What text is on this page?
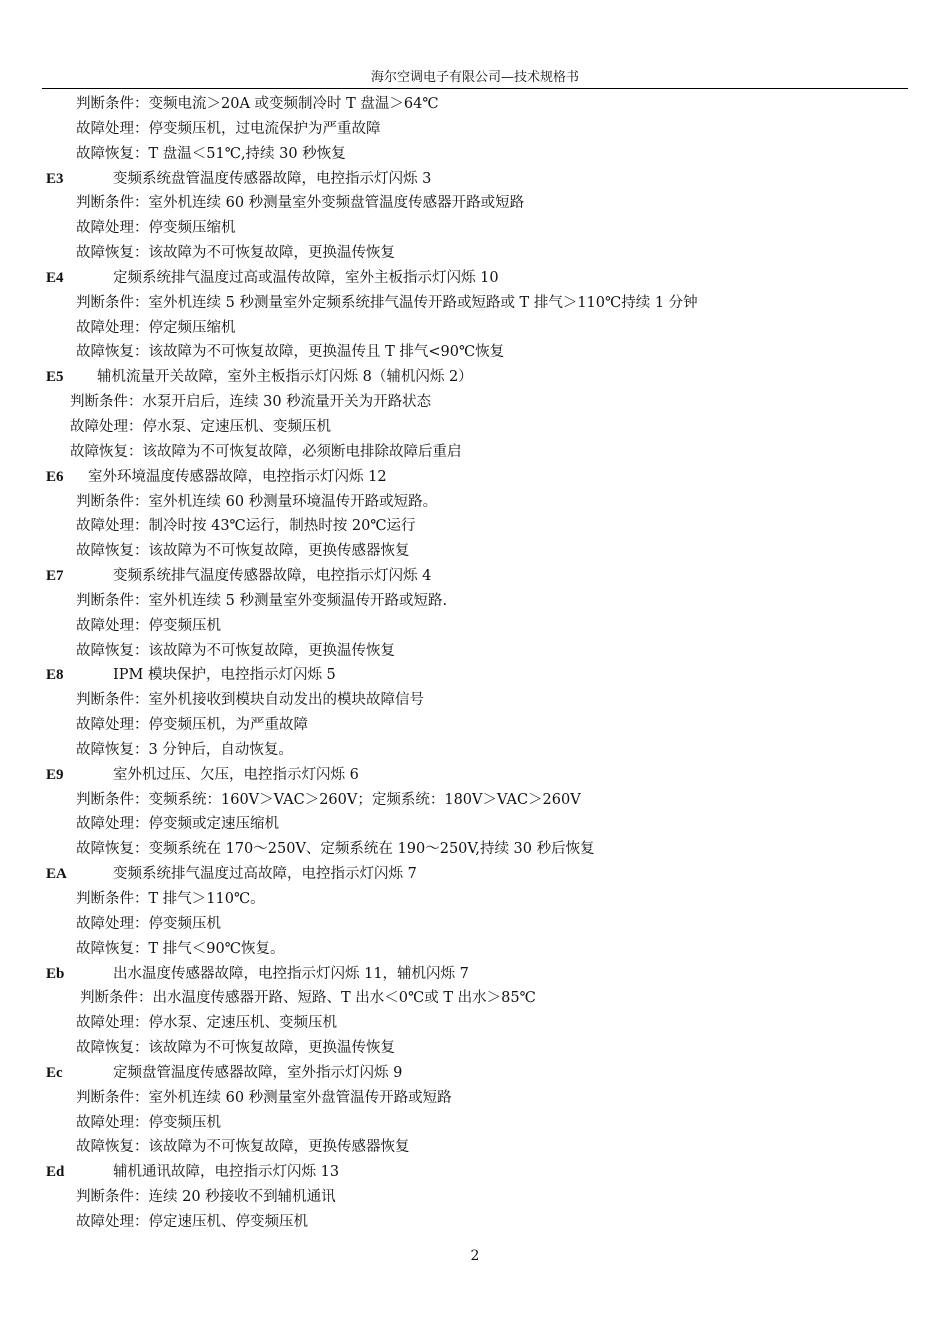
海尔空调电子有限公司—技术规格书
判断条件：变频电流＞20A 或变频制冷时 T 盘温＞64℃
故障处理：停变频压机，过电流保护为严重故障
故障恢复：T 盘温＜51℃,持续 30 秒恢复
E3	变频系统盘管温度传感器故障，电控指示灯闪烁 3
判断条件：室外机连续 60 秒测量室外变频盘管温度传感器开路或短路
故障处理：停变频压缩机
故障恢复：该故障为不可恢复故障，更换温传恢复
E4	定频系统排气温度过高或温传故障，室外主板指示灯闪烁 10
判断条件：室外机连续 5 秒测量室外定频系统排气温传开路或短路或 T 排气＞110℃持续 1 分钟
故障处理：停定频压缩机
故障恢复：该故障为不可恢复故障，更换温传且 T 排气<90℃恢复
E5 辅机流量开关故障，室外主板指示灯闪烁 8（辅机闪烁 2）
判断条件：水泵开启后，连续 30 秒流量开关为开路状态
故障处理：停水泵、定速压机、变频压机
故障恢复：该故障为不可恢复故障，必须断电排除故障后重启
E6 室外环境温度传感器故障，电控指示灯闪烁 12
判断条件：室外机连续 60 秒测量环境温传开路或短路。
故障处理：制冷时按 43℃运行，制热时按 20℃运行
故障恢复：该故障为不可恢复故障，更换传感器恢复
E7	变频系统排气温度传感器故障，电控指示灯闪烁 4
判断条件：室外机连续 5 秒测量室外变频温传开路或短路.
故障处理：停变频压机
故障恢复：该故障为不可恢复故障，更换温传恢复
E8	IPM 模块保护，电控指示灯闪烁 5
判断条件：室外机接收到模块自动发出的模块故障信号
故障处理：停变频压机，为严重故障
故障恢复：3 分钟后，自动恢复。
E9	室外机过压、欠压，电控指示灯闪烁 6
判断条件：变频系统：160V＞VAC＞260V；定频系统：180V＞VAC＞260V
故障处理：停变频或定速压缩机
故障恢复：变频系统在 170～250V、定频系统在 190～250V,持续 30 秒后恢复
EA	变频系统排气温度过高故障，电控指示灯闪烁 7
判断条件：T 排气＞110℃。
故障处理：停变频压机
故障恢复：T 排气＜90℃恢复。
Eb	出水温度传感器故障，电控指示灯闪烁 11，辅机闪烁 7
判断条件：出水温度传感器开路、短路、T 出水＜0℃或 T 出水＞85℃
故障处理：停水泵、定速压机、变频压机
故障恢复：该故障为不可恢复故障，更换温传恢复
Ec	定频盘管温度传感器故障，室外指示灯闪烁 9
判断条件：室外机连续 60 秒测量室外盘管温传开路或短路
故障处理：停变频压机
故障恢复：该故障为不可恢复故障，更换传感器恢复
Ed	辅机通讯故障，电控指示灯闪烁 13
判断条件：连续 20 秒接收不到辅机通讯
故障处理：停定速压机、停变频压机
2
